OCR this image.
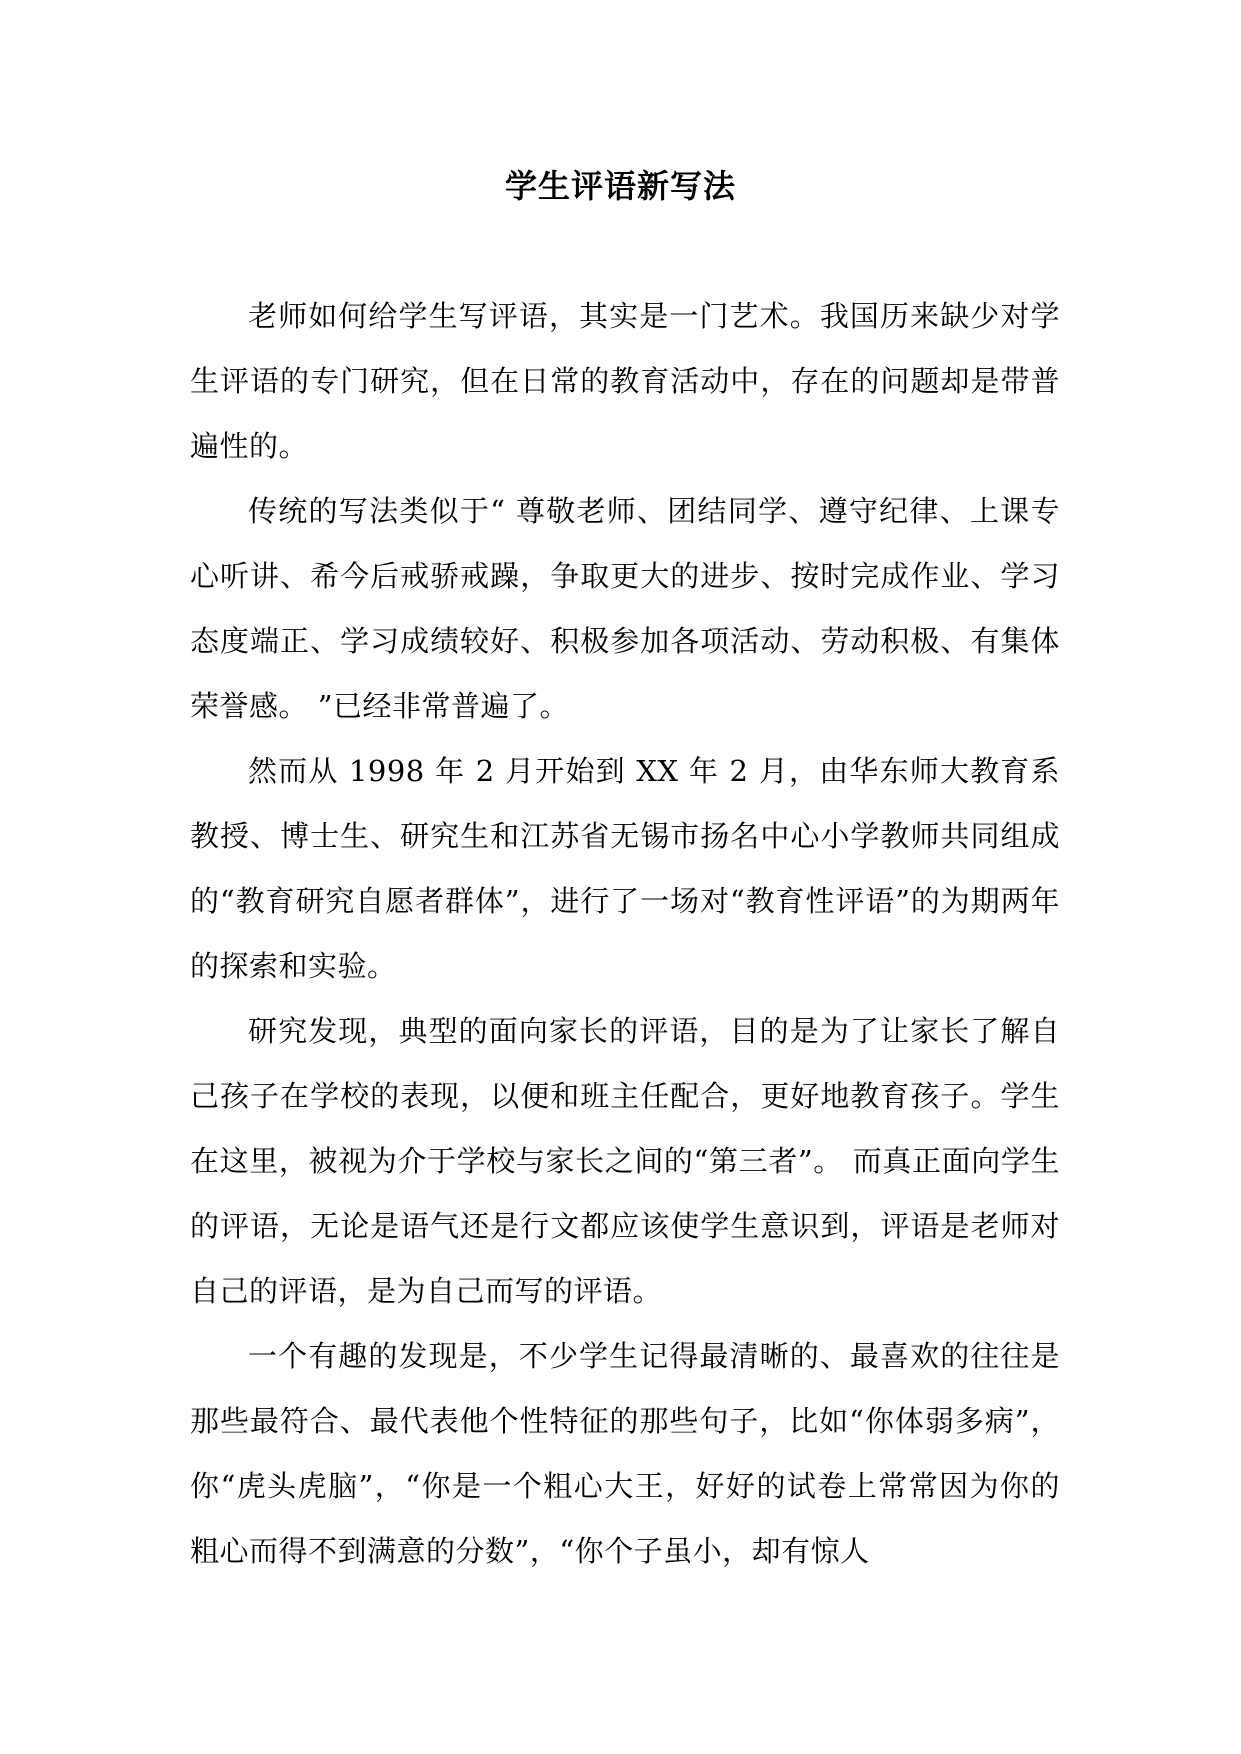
学生评语新写法

老师如何给学生写评语，其实是一门艺术。我国历来缺少对学生评语的专门研究，但在日常的教育活动中，存在的问题却是带普遍性的。

传统的写法类似于“ 尊敬老师、团结同学、遵守纪律、上课专心听讲、希今后戒骄戒躁，争取更大的进步、按时完成作业、学习态度端正、学习成绩较好、积极参加各项活动、劳动积极、有集体荣誉感。 ”已经非常普遍了。

然而从 1998 年 2 月开始到 XX 年 2 月，由华东师大教育系教授、博士生、研究生和江苏省无锡市扬名中心小学教师共同组成的“教育研究自愿者群体”，进行了一场对“教育性评语”的为期两年的探索和实验。

研究发现，典型的面向家长的评语，目的是为了让家长了解自己孩子在学校的表现，以便和班主任配合，更好地教育孩子。学生在这里，被视为介于学校与家长之间的“第三者”。 而真正面向学生的评语，无论是语气还是行文都应该使学生意识到，评语是老师对自己的评语，是为自己而写的评语。

一个有趣的发现是，不少学生记得最清晰的、最喜欢的往往是那些最符合、最代表他个性特征的那些句子，比如“你体弱多病”，你“虎头虎脑”，“你是一个粗心大王，好好的试卷上常常因为你的粗心而得不到满意的分数”，“你个子虽小，却有惊人
